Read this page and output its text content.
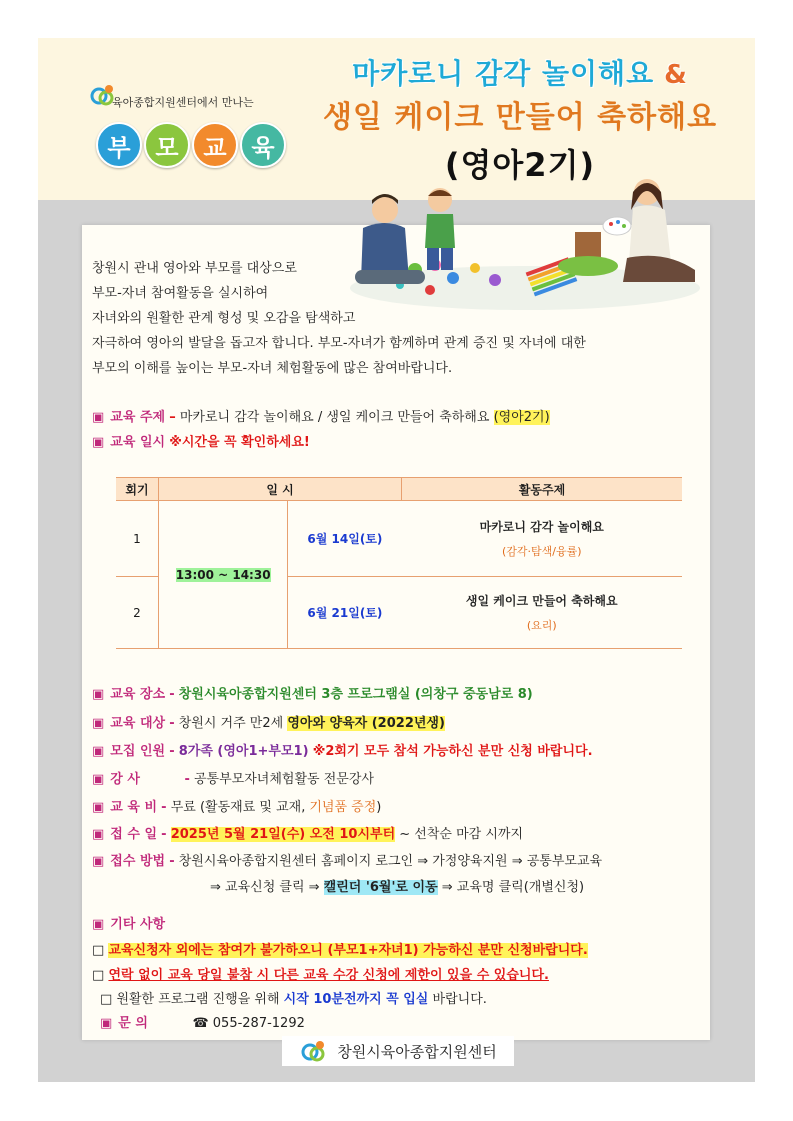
육아종합지원센터에서 만나는
부	모	교	육
마카로니 감각 놀이해요 &
생일 케이크 만들어 축하해요
(영아2기)
창원시 관내 영아와 부모를 대상으로
부모-자녀 참여활동을 실시하여
자녀와의 원활한 관계 형성 및 오감을 탐색하고
자극하여 영아의 발달을 돕고자 합니다. 부모-자녀가 함께하며 관계 증진 및 자녀에 대한
부모의 이해를 높이는 부모-자녀 체험활동에 많은 참여바랍니다.
▣ 교육 주제 – 마카로니 감각 놀이해요 / 생일 케이크 만들어 축하해요 (영아2기)
▣ 교육 일시 ※시간을 꼭 확인하세요!
회기	일 시		활동주제
1	13:00 ~ 14:30	6월 14일(토)	마카로니 감각 놀이해요
(감각·탐색/융률)

2		6월 21일(토)	생일 케이크 만들어 축하해요
(요리)
▣ 교육 장소 - 창원시육아종합지원센터 3층 프로그램실 (의창구 중동남로 8)
▣ 교육 대상 - 창원시 거주 만2세 영아와 양육자 (2022년생)
▣ 모집 인원 - 8가족 (영아1+부모1) ※2회기 모두 참석 가능하신 분만 신청 바랍니다.
▣ 강 사	- 공통부모자녀체험활동 전문강사
▣ 교 육 비 - 무료 (활동재료 및 교재, 기념품 증정)
▣ 접 수 일 - 2025년 5월 21일(수) 오전 10시부터 ~ 선착순 마감 시까지
▣ 접수 방법 - 창원시육아종합지원센터 홈페이지 로그인 ⇒ 가정양육지원 ⇒ 공통부모교육
⇒ 교육신청 클릭 ⇒ 캘린더 '6월'로 이동 ⇒ 교육명 클릭(개별신청)
▣ 기타 사항
□ 교육신청자 외에는 참여가 불가하오니 (부모1+자녀1) 가능하신 분만 신청바랍니다.
□ 연락 없이 교육 당일 불참 시 다른 교육 수강 신청에 제한이 있을 수 있습니다.
□ 원활한 프로그램 진행을 위해 시작 10분전까지 꼭 입실 바랍니다.
▣ 문 의	☎ 055-287-1292
창원시육아종합지원센터
